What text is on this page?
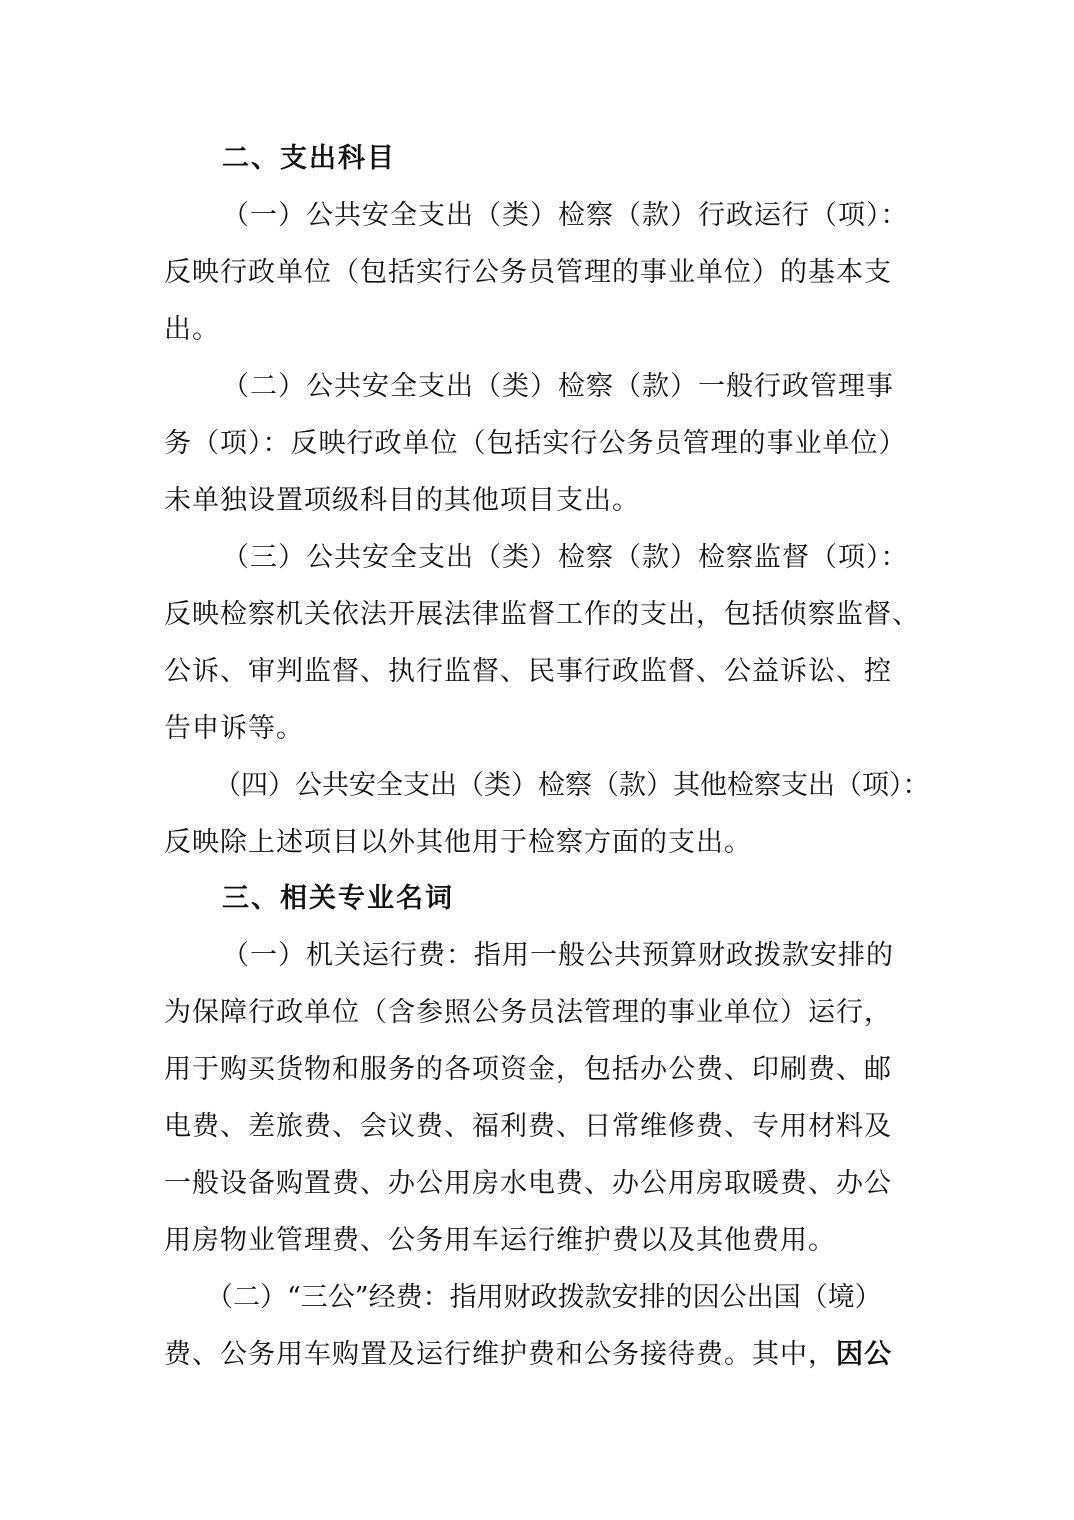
二、支出科目
（一）公共安全支出（类）检察（款）行政运行（项）：
反映行政单位（包括实行公务员管理的事业单位）的基本支
出。
（二）公共安全支出（类）检察（款）一般行政管理事
务（项）：反映行政单位（包括实行公务员管理的事业单位）
未单独设置项级科目的其他项目支出。
（三）公共安全支出（类）检察（款）检察监督（项）：
反映检察机关依法开展法律监督工作的支出，包括侦察监督、
公诉、审判监督、执行监督、民事行政监督、公益诉讼、控
告申诉等。
（四）公共安全支出（类）检察（款）其他检察支出（项）：
反映除上述项目以外其他用于检察方面的支出。
三、相关专业名词
（一）机关运行费：指用一般公共预算财政拨款安排的
为保障行政单位（含参照公务员法管理的事业单位）运行，
用于购买货物和服务的各项资金，包括办公费、印刷费、邮
电费、差旅费、会议费、福利费、日常维修费、专用材料及
一般设备购置费、办公用房水电费、办公用房取暖费、办公
用房物业管理费、公务用车运行维护费以及其他费用。
（二）“三公”经费：指用财政拨款安排的因公出国（境）
费、公务用车购置及运行维护费和公务接待费。其中，因公
